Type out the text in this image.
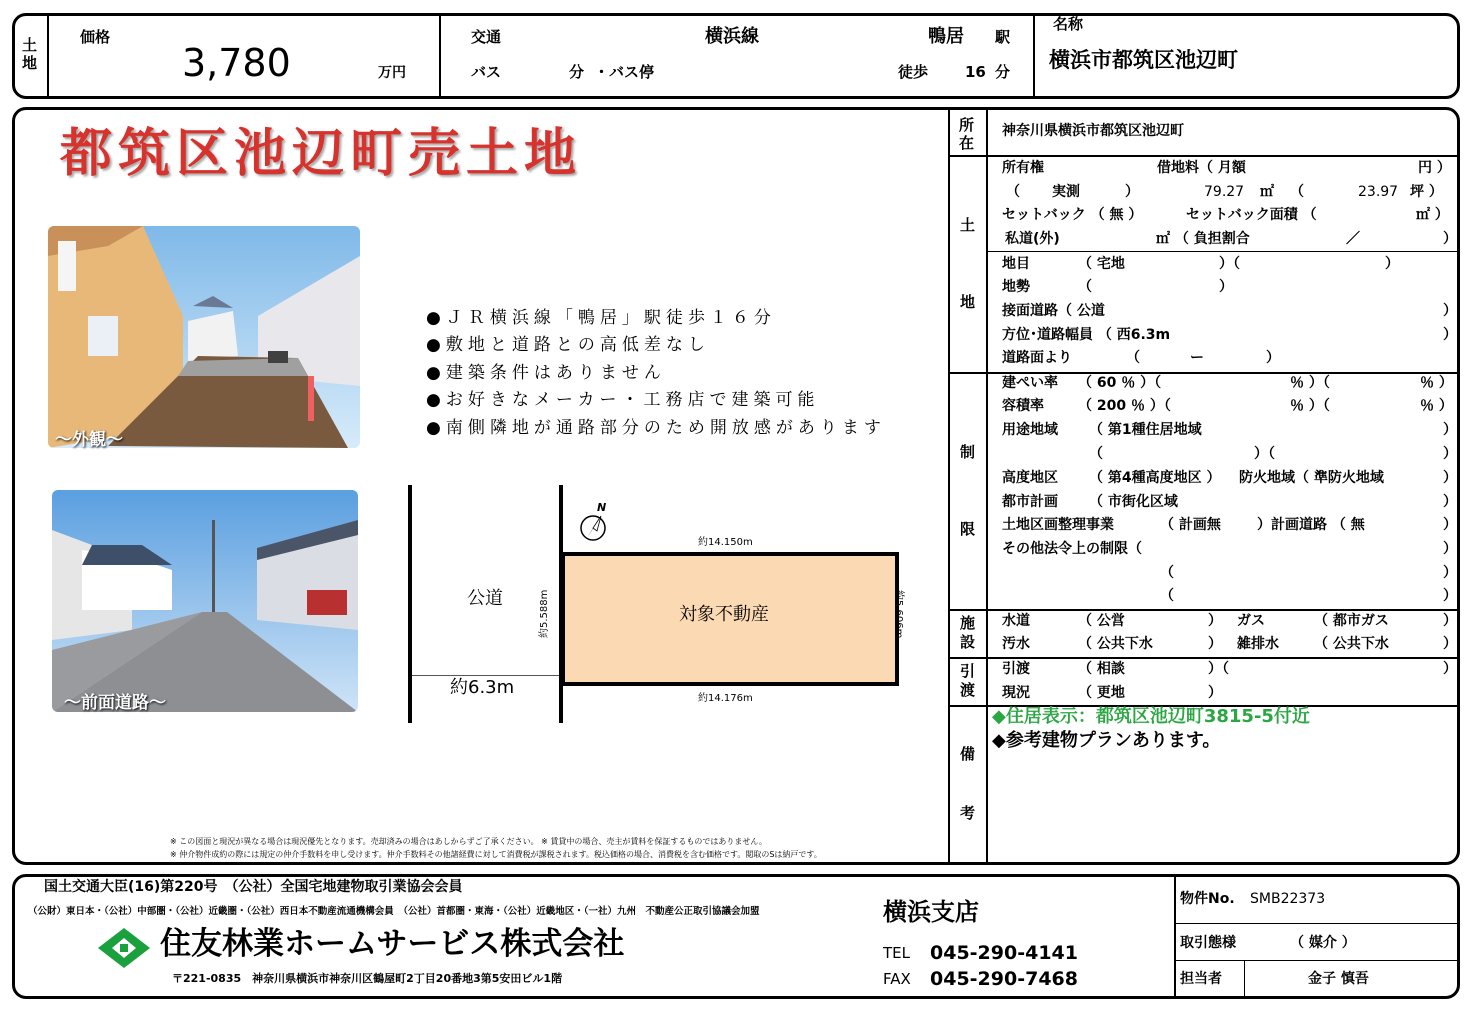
土地
価格
3,780	万円
交通	横浜線	鴨居 駅
バス	分 ・バス停	徒歩 16 分
名称
横浜市都筑区池辺町
都筑区池辺町売土地
～外観～
～前面道路～
●ＪＲ横浜線「鴨居」駅徒歩１６分
●敷地と道路との高低差なし
●建築条件はありません
●お好きなメーカー・工務店で建築可能
●南側隣地が通路部分のため開放感があります
公道
約6.3m
対象不動産
約14.150m
約14.176m
約5.588m	約5.606m
N
※ この図面と現況が異なる場合は現況優先となります。売却済みの場合はあしからずご了承ください。 ※ 賃貸中の場合、売主が賃料を保証するものではありません。
※ 仲介物件成約の際には規定の仲介手数料を申し受けます。仲介手数料その他諸経費に対して消費税が課税されます。税込価格の場合、消費税を含む価格です。閲取のSは納戸です。
所在
土
地
制
限
施
設
引
渡
備
考
神奈川県横浜市都筑区池辺町
所有権	借地料（ 月額	円 ）
（ 実測	）	79.27 ㎡ （	23.97 坪 ）
セットバック （ 無 ）	セットバック面積 （	㎡ ）
私道(外)	㎡ （ 負担割合	／	）
地目	（ 宅地	）（	）
地勢	（	）
接面道路（ 公道	）
方位･道路幅員 （ 西6.3m	）
道路面より	（	ー	）
建ぺい率 （ 60 ％ ）（	％ ）（	％ ）
容積率 （ 200 ％ ）（	％ ）（	％ ）
用途地域 （ 第1種住居地域	）
（	）（	）
高度地区 （ 第4種高度地区 ） 防火地域（ 準防火地域	）
都市計画 （ 市街化区域	）
土地区画整理事業	（ 計画無	）計画道路 （ 無	）
その他法令上の制限（	）
（	）
（	）
水道	（ 公営	） ガス	（ 都市ガス	）
汚水	（ 公共下水	） 雑排水	（ 公共下水	）
引渡	（ 相談	）（	）
現況	（ 更地	）
◆住居表示：都筑区池辺町3815-5付近
◆参考建物プランあります。
国土交通大臣(16)第220号　（公社）全国宅地建物取引業協会会員
（公財）東日本・（公社）中部圏・（公社）近畿圏・（公社）西日本不動産流通機構会員　（公社）首都圏・東海・（公社）近畿地区・（一社）九州　不動産公正取引協議会加盟
住友林業ホームサービス株式会社
〒221-0835　神奈川県横浜市神奈川区鶴屋町2丁目20番地3第5安田ビル1階
横浜支店
TEL 045-290-4141
FAX 045-290-7468
物件No. SMB22373
取引態様	（ 媒介 ）
担当者	金子 慎吾
